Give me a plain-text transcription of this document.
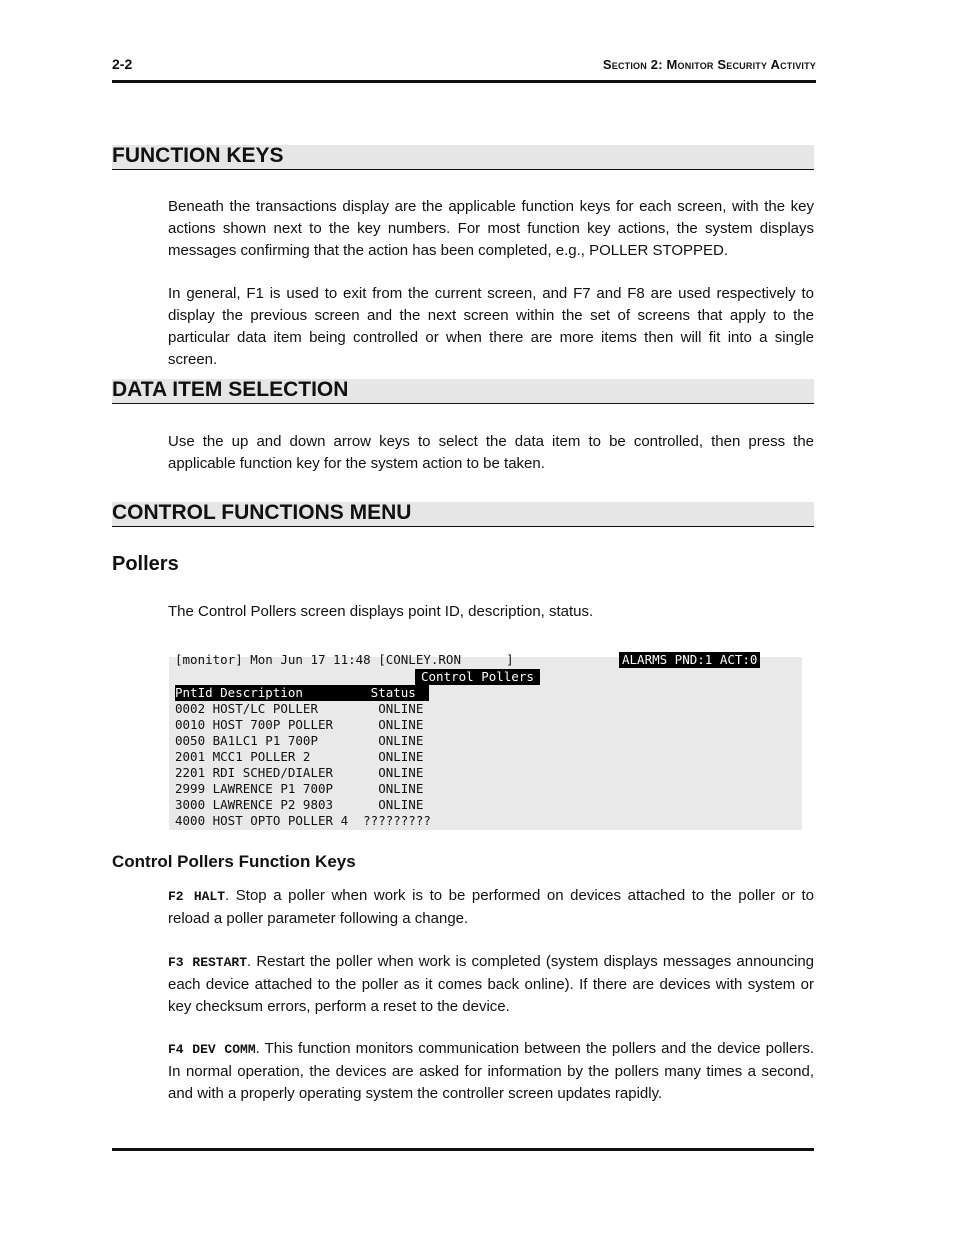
2-2	Section 2: Monitor Security Activity
FUNCTION KEYS
Beneath the transactions display are the applicable function keys for each screen, with the key actions shown next to the key numbers. For most function key actions, the system displays messages confirming that the action has been completed, e.g., POLLER STOPPED.
In general, F1 is used to exit from the current screen, and F7 and F8 are used respectively to display the previous screen and the next screen within the set of screens that apply to the particular data item being controlled or when there are more items then will fit into a single screen.
DATA ITEM SELECTION
Use the up and down arrow keys to select the data item to be controlled, then press the applicable function key for the system action to be taken.
CONTROL FUNCTIONS MENU
Pollers
The Control Pollers screen displays point ID, description, status.
[monitor] Mon Jun 17 11:48 [CONLEY.RON      ]	ALARMS PND:1 ACT:0
Control Pollers
PntId Description         Status
0002 HOST/LC POLLER        ONLINE
0010 HOST 700P POLLER      ONLINE
0050 BA1LC1 P1 700P        ONLINE
2001 MCC1 POLLER 2         ONLINE
2201 RDI SCHED/DIALER      ONLINE
2999 LAWRENCE P1 700P      ONLINE
3000 LAWRENCE P2 9803      ONLINE
4000 HOST OPTO POLLER 4  ?????????
Control Pollers Function Keys
F2 HALT. Stop a poller when work is to be performed on devices attached to the poller or to reload a poller parameter following a change.
F3 RESTART. Restart the poller when work is completed (system displays messages announcing each device attached to the poller as it comes back online). If there are devices with system or key checksum errors, perform a reset to the device.
F4 DEV COMM. This function monitors communication between the pollers and the device pollers. In normal operation, the devices are asked for information by the pollers many times a second, and with a properly operating system the controller screen updates rapidly.
